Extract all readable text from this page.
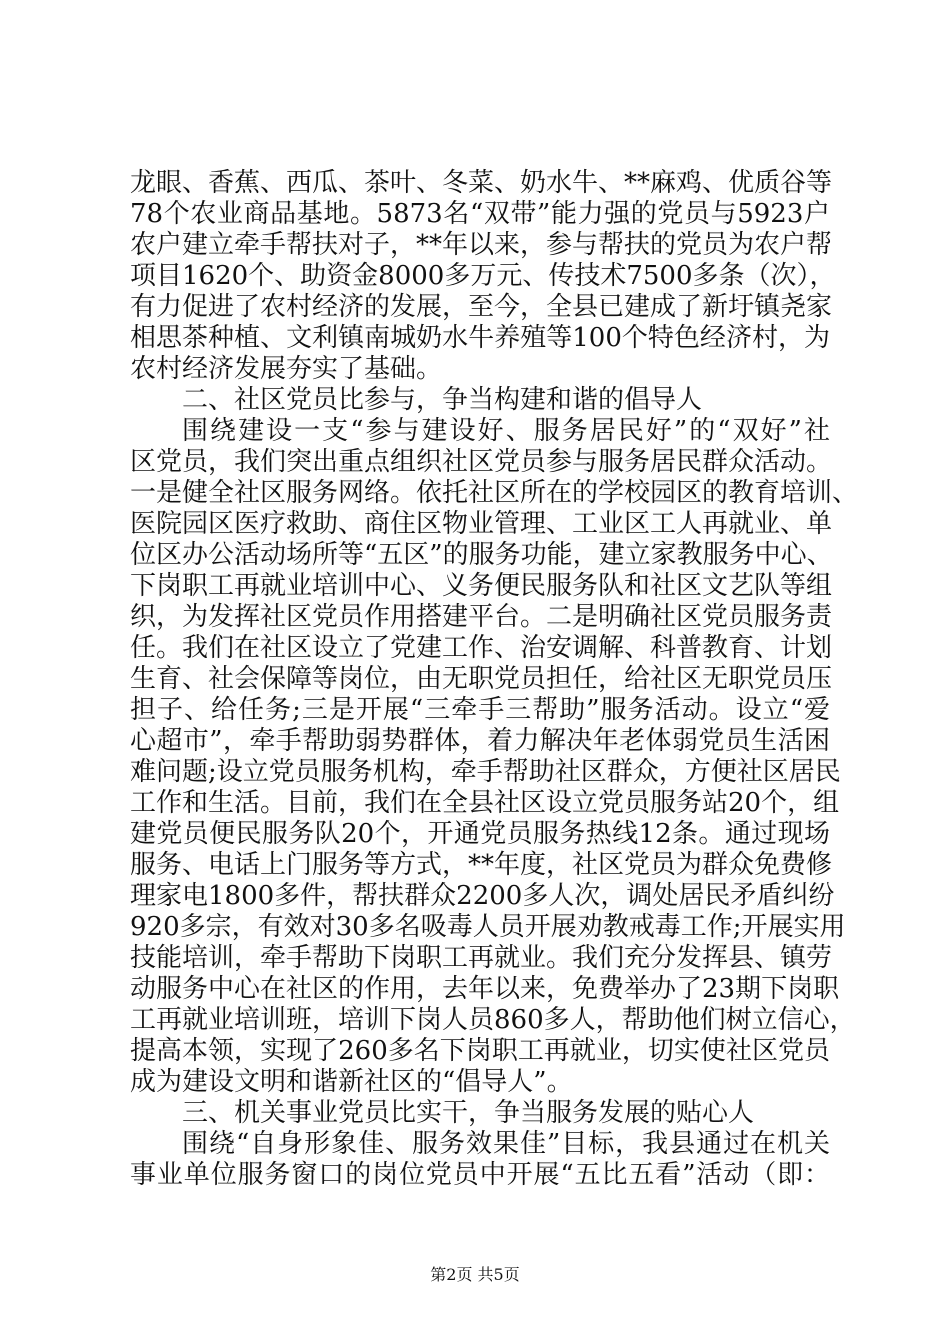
龙眼、香蕉、西瓜、茶叶、冬菜、奶水牛、**麻鸡、优质谷等
78个农业商品基地。5873名“双带”能力强的党员与5923户
农户建立牵手帮扶对子，**年以来，参与帮扶的党员为农户帮
项目1620个、助资金8000多万元、传技术7500多条（次），
有力促进了农村经济的发展，至今，全县已建成了新圩镇尧家
相思茶种植、文利镇南城奶水牛养殖等100个特色经济村，为
农村经济发展夯实了基础。
二、社区党员比参与，争当构建和谐的倡导人
围绕建设一支“参与建设好、服务居民好”的“双好”社
区党员，我们突出重点组织社区党员参与服务居民群众活动。
一是健全社区服务网络。依托社区所在的学校园区的教育培训、
医院园区医疗救助、商住区物业管理、工业区工人再就业、单
位区办公活动场所等“五区”的服务功能，建立家教服务中心、
下岗职工再就业培训中心、义务便民服务队和社区文艺队等组
织，为发挥社区党员作用搭建平台。二是明确社区党员服务责
任。我们在社区设立了党建工作、治安调解、科普教育、计划
生育、社会保障等岗位，由无职党员担任，给社区无职党员压
担子、给任务;三是开展“三牵手三帮助”服务活动。设立“爱
心超市”，牵手帮助弱势群体，着力解决年老体弱党员生活困
难问题;设立党员服务机构，牵手帮助社区群众，方便社区居民
工作和生活。目前，我们在全县社区设立党员服务站20个，组
建党员便民服务队20个，开通党员服务热线12条。通过现场
服务、电话上门服务等方式，**年度，社区党员为群众免费修
理家电1800多件，帮扶群众2200多人次，调处居民矛盾纠纷
920多宗，有效对30多名吸毒人员开展劝教戒毒工作;开展实用
技能培训，牵手帮助下岗职工再就业。我们充分发挥县、镇劳
动服务中心在社区的作用，去年以来，免费举办了23期下岗职
工再就业培训班，培训下岗人员860多人，帮助他们树立信心，
提高本领，实现了260多名下岗职工再就业，切实使社区党员
成为建设文明和谐新社区的“倡导人”。
三、机关事业党员比实干，争当服务发展的贴心人
围绕“自身形象佳、服务效果佳”目标，我县通过在机关
事业单位服务窗口的岗位党员中开展“五比五看”活动（即：
第2页 共5页
